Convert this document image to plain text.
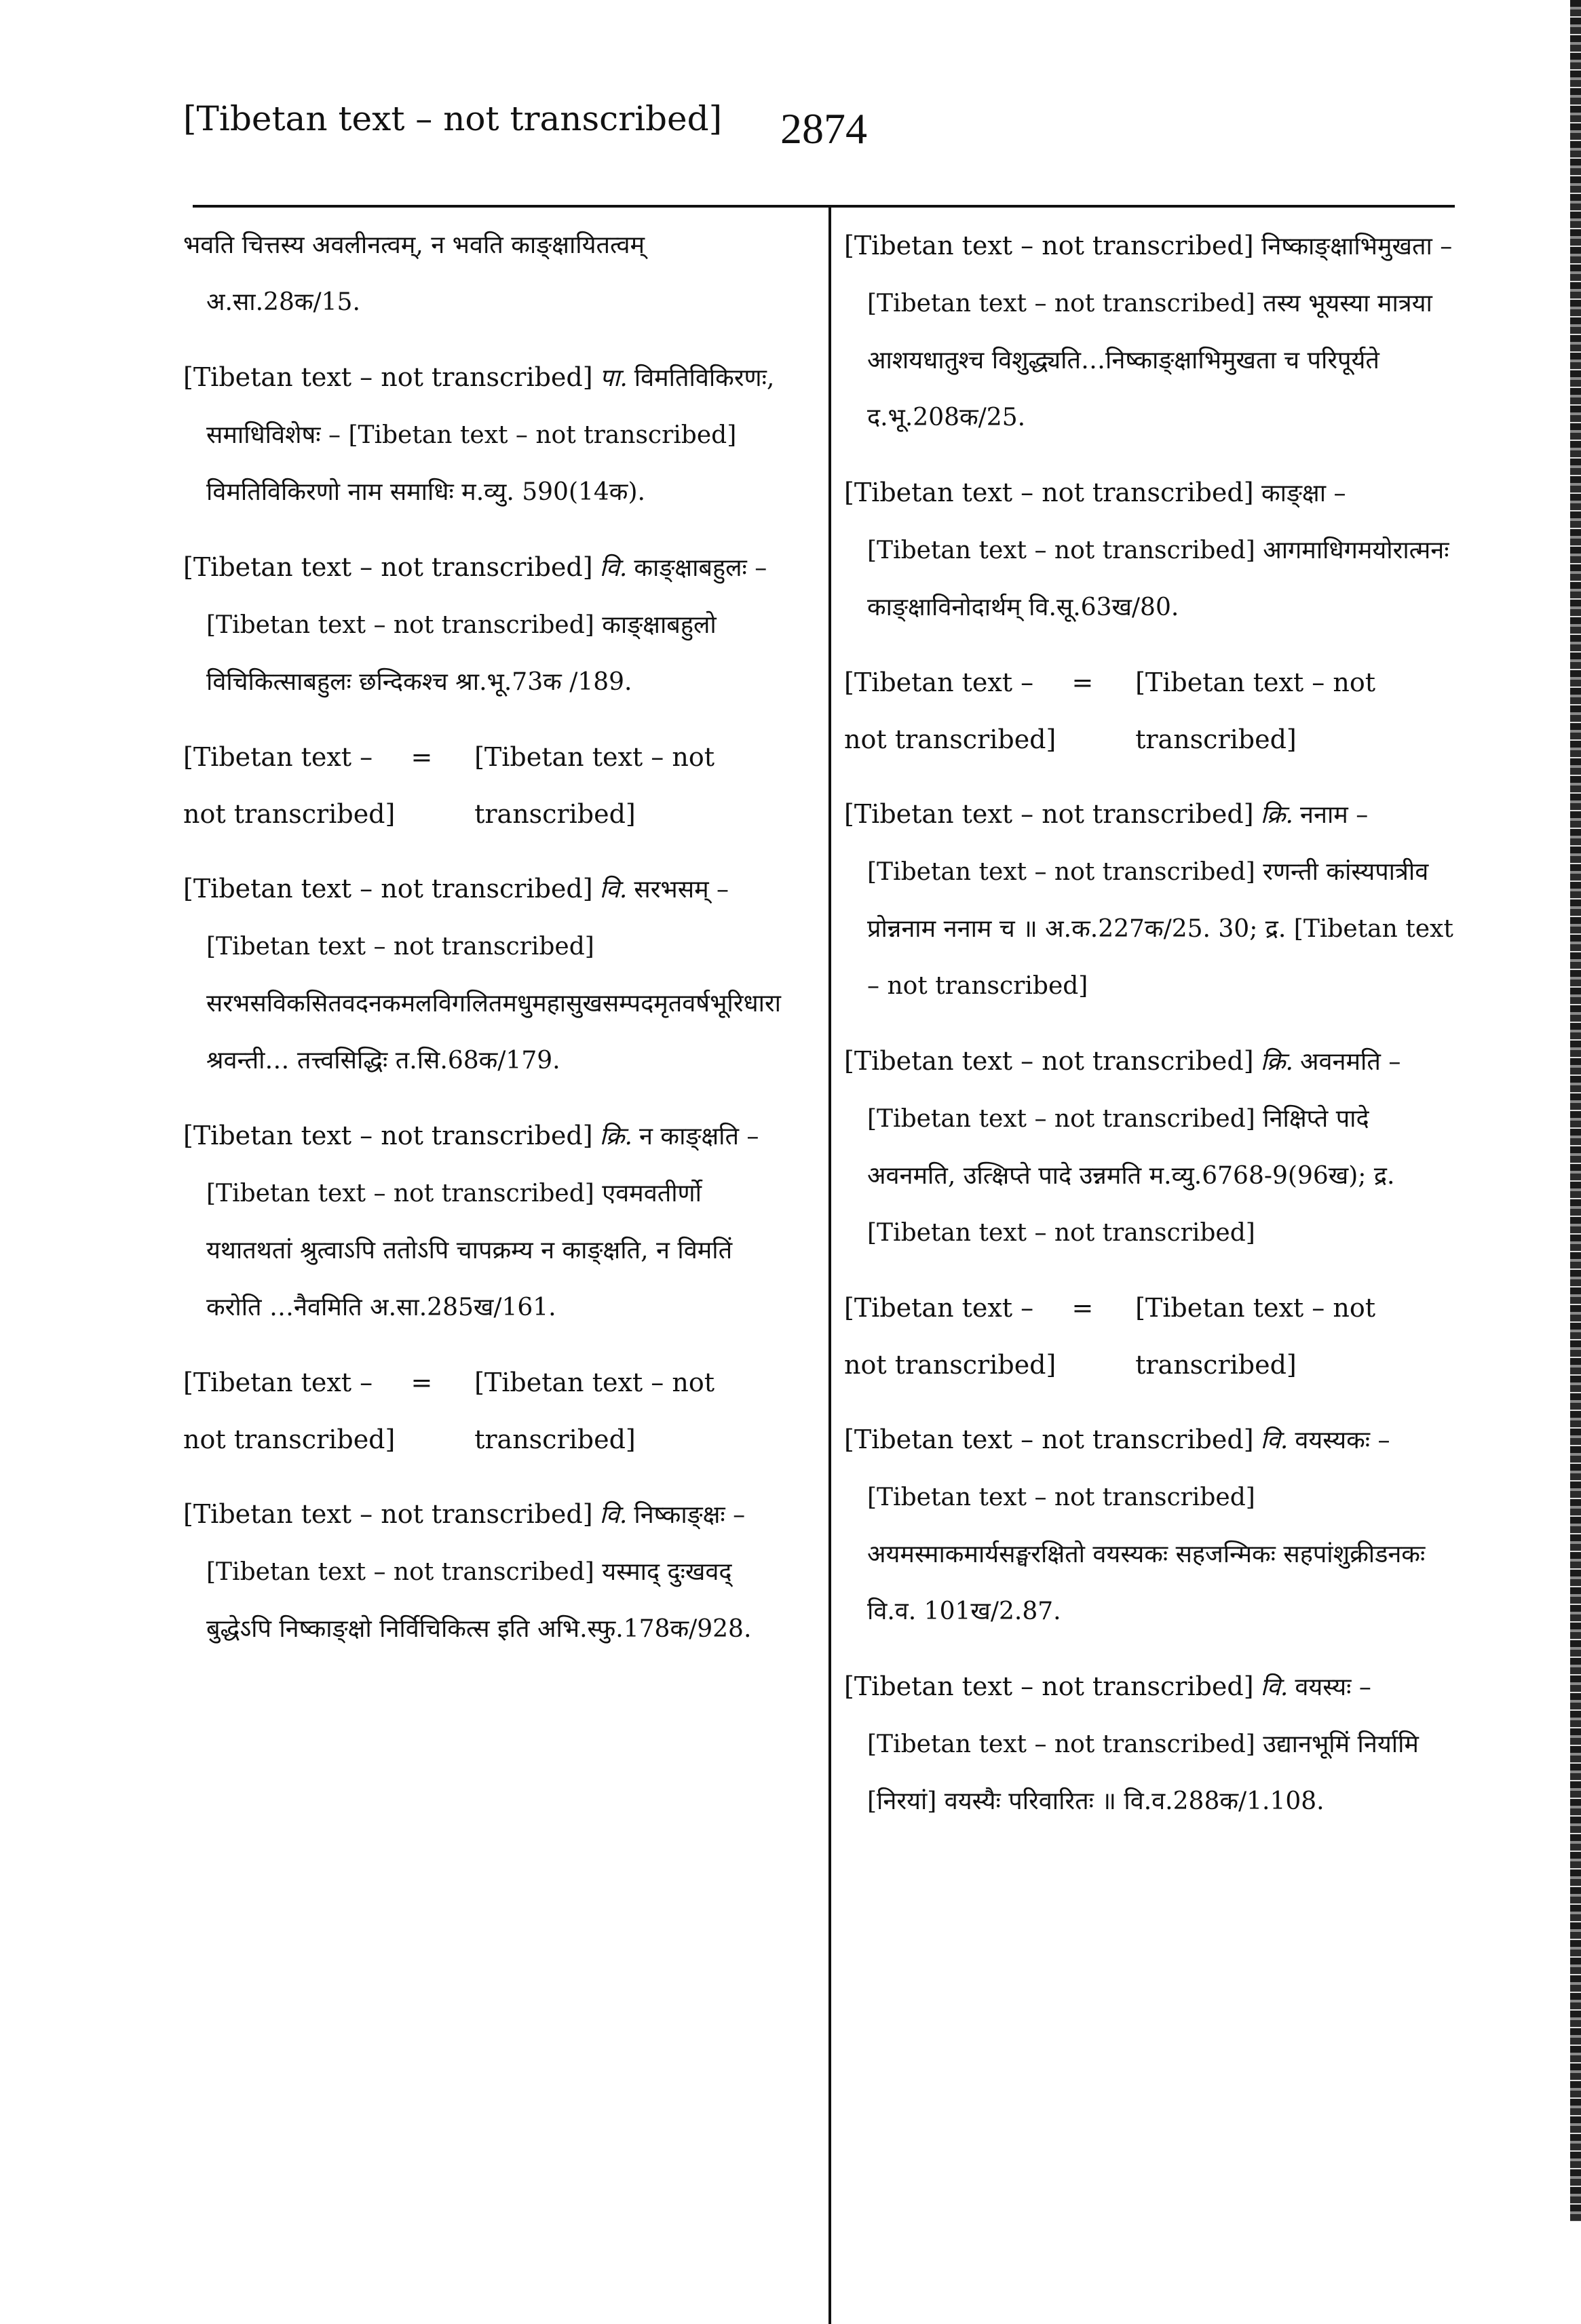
[Tibetan text – not transcribed] 2874

भवति चित्तस्य अवलीनत्वम्, न भवति काङ्क्षायितत्वम् अ.सा.28क/15.

[Tibetan text – not transcribed] पा. विमतिविकिरणः, समाधिविशेषः – [Tibetan text – not transcribed] विमतिविकिरणो नाम समाधिः म.व्यु. 590(14क).

[Tibetan text – not transcribed] वि. काङ्क्षाबहुलः – [Tibetan text – not transcribed] काङ्क्षाबहुलो विचिकित्साबहुलः छन्दिकश्च श्रा.भू.73क /189.

[Tibetan text – not transcribed]
=	[Tibetan text – not transcribed]

[Tibetan text – not transcribed] वि. सरभसम् – [Tibetan text – not transcribed] सरभसविकसितवदनकमलविगलितमधुमहासुखसम्पदमृतवर्षभूरिधाराश्रवन्ती… तत्त्वसिद्धिः त.सि.68क/179.

[Tibetan text – not transcribed] क्रि. न काङ्क्षति – [Tibetan text – not transcribed] एवमवतीर्णो यथातथतां श्रुत्वाऽपि ततोऽपि चापक्रम्य न काङ्क्षति, न विमतिं करोति …नैवमिति अ.सा.285ख/161.

[Tibetan text – not transcribed]
=	[Tibetan text – not transcribed]

[Tibetan text – not transcribed] वि. निष्काङ्क्षः – [Tibetan text – not transcribed] यस्माद् दुःखवद् बुद्धेऽपि निष्काङ्क्षो निर्विचिकित्स इति अभि.स्फु.178क/928.

[Tibetan text – not transcribed] निष्काङ्क्षाभिमुखता – [Tibetan text – not transcribed] तस्य भूयस्या मात्रया आशयधातुश्च विशुद्ध्यति…निष्काङ्क्षाभिमुखता च परिपूर्यते द.भू.208क/25.

[Tibetan text – not transcribed] काङ्क्षा – [Tibetan text – not transcribed] आगमाधिगमयोरात्मनः काङ्क्षाविनोदार्थम् वि.सू.63ख/80.

[Tibetan text – not transcribed]
=	[Tibetan text – not transcribed]

[Tibetan text – not transcribed] क्रि. ननाम – [Tibetan text – not transcribed] रणन्ती कांस्यपात्रीव प्रोन्ननाम ननाम च ॥ अ.क.227क/25. 30; द्र. [Tibetan text – not transcribed]

[Tibetan text – not transcribed] क्रि. अवनमति – [Tibetan text – not transcribed] निक्षिप्ते पादे अवनमति, उत्क्षिप्ते पादे उन्नमति म.व्यु.6768-9(96ख); द्र. [Tibetan text – not transcribed]

[Tibetan text – not transcribed]
=	[Tibetan text – not transcribed]

[Tibetan text – not transcribed] वि. वयस्यकः – [Tibetan text – not transcribed] अयमस्माकमार्यसङ्घरक्षितो वयस्यकः सहजन्मिकः सहपांशुक्रीडनकः वि.व. 101ख/2.87.

[Tibetan text – not transcribed] वि. वयस्यः – [Tibetan text – not transcribed] उद्यानभूमिं निर्यामि [निरयां] वयस्यैः परिवारितः ॥ वि.व.288क/1.108.
